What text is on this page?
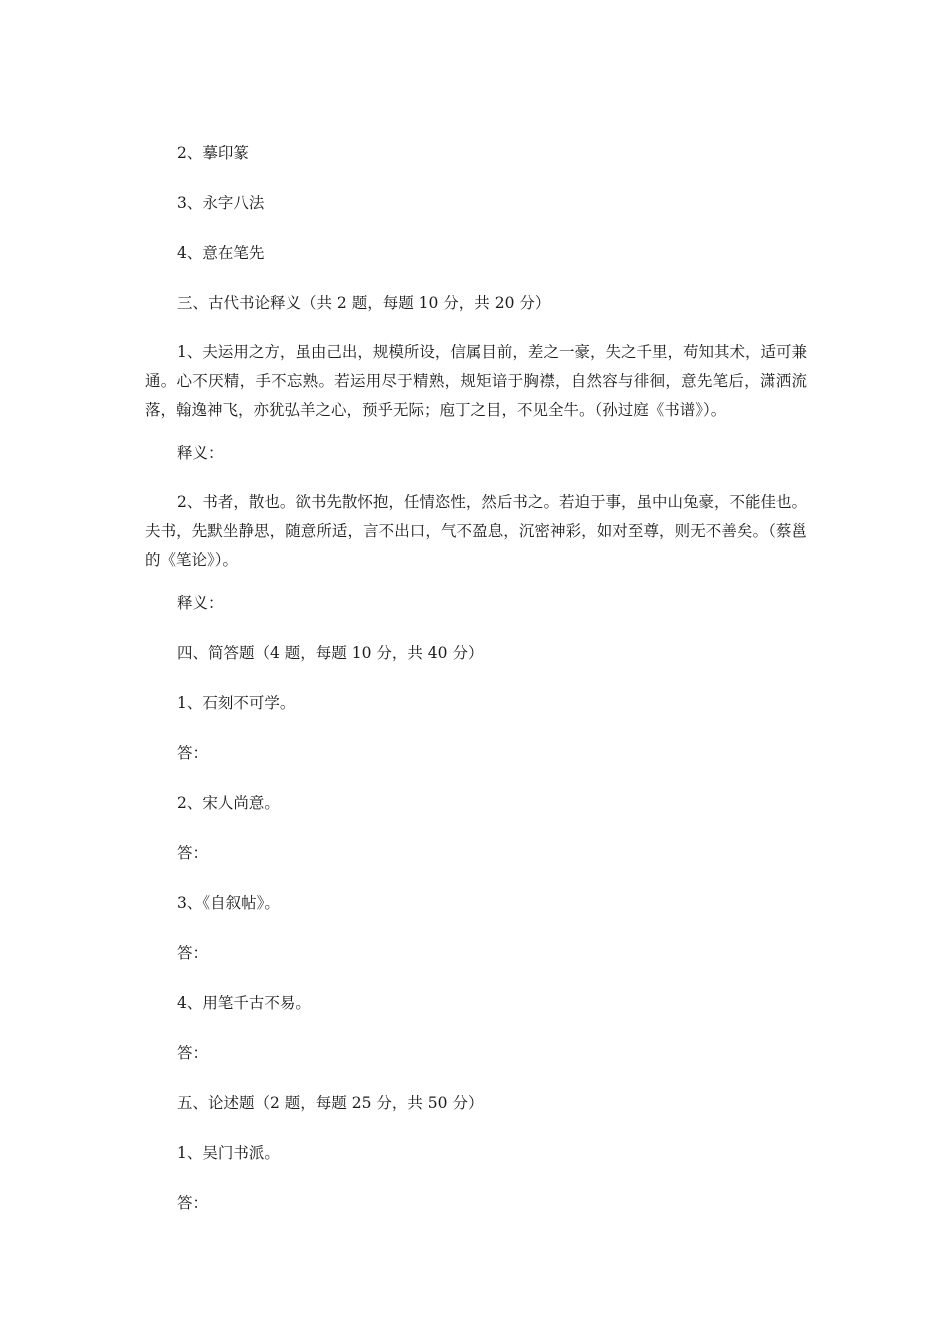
2、摹印篆
3、永字八法
4、意在笔先
三、古代书论释义（共 2 题，每题 10 分，共 20 分）
1、夫运用之方，虽由己出，规模所设，信属目前，差之一豪，失之千里，苟知其术，适可兼通。心不厌精，手不忘熟。若运用尽于精熟，规矩谙于胸襟，自然容与徘徊，意先笔后，潇洒流落，翰逸神飞，亦犹弘羊之心，预乎无际；庖丁之目，不见全牛。（孙过庭《书谱》）。
释义：
2、书者，散也。欲书先散怀抱，任情恣性，然后书之。若迫于事，虽中山兔豪，不能佳也。夫书，先默坐静思，随意所适，言不出口，气不盈息，沉密神彩，如对至尊，则无不善矣。（蔡邕的《笔论》）。
释义：
四、简答题（4 题，每题 10 分，共 40 分）
1、石刻不可学。
答：
2、宋人尚意。
答：
3、《自叙帖》。
答：
4、用笔千古不易。
答：
五、论述题（2 题，每题 25 分，共 50 分）
1、吴门书派。
答：
